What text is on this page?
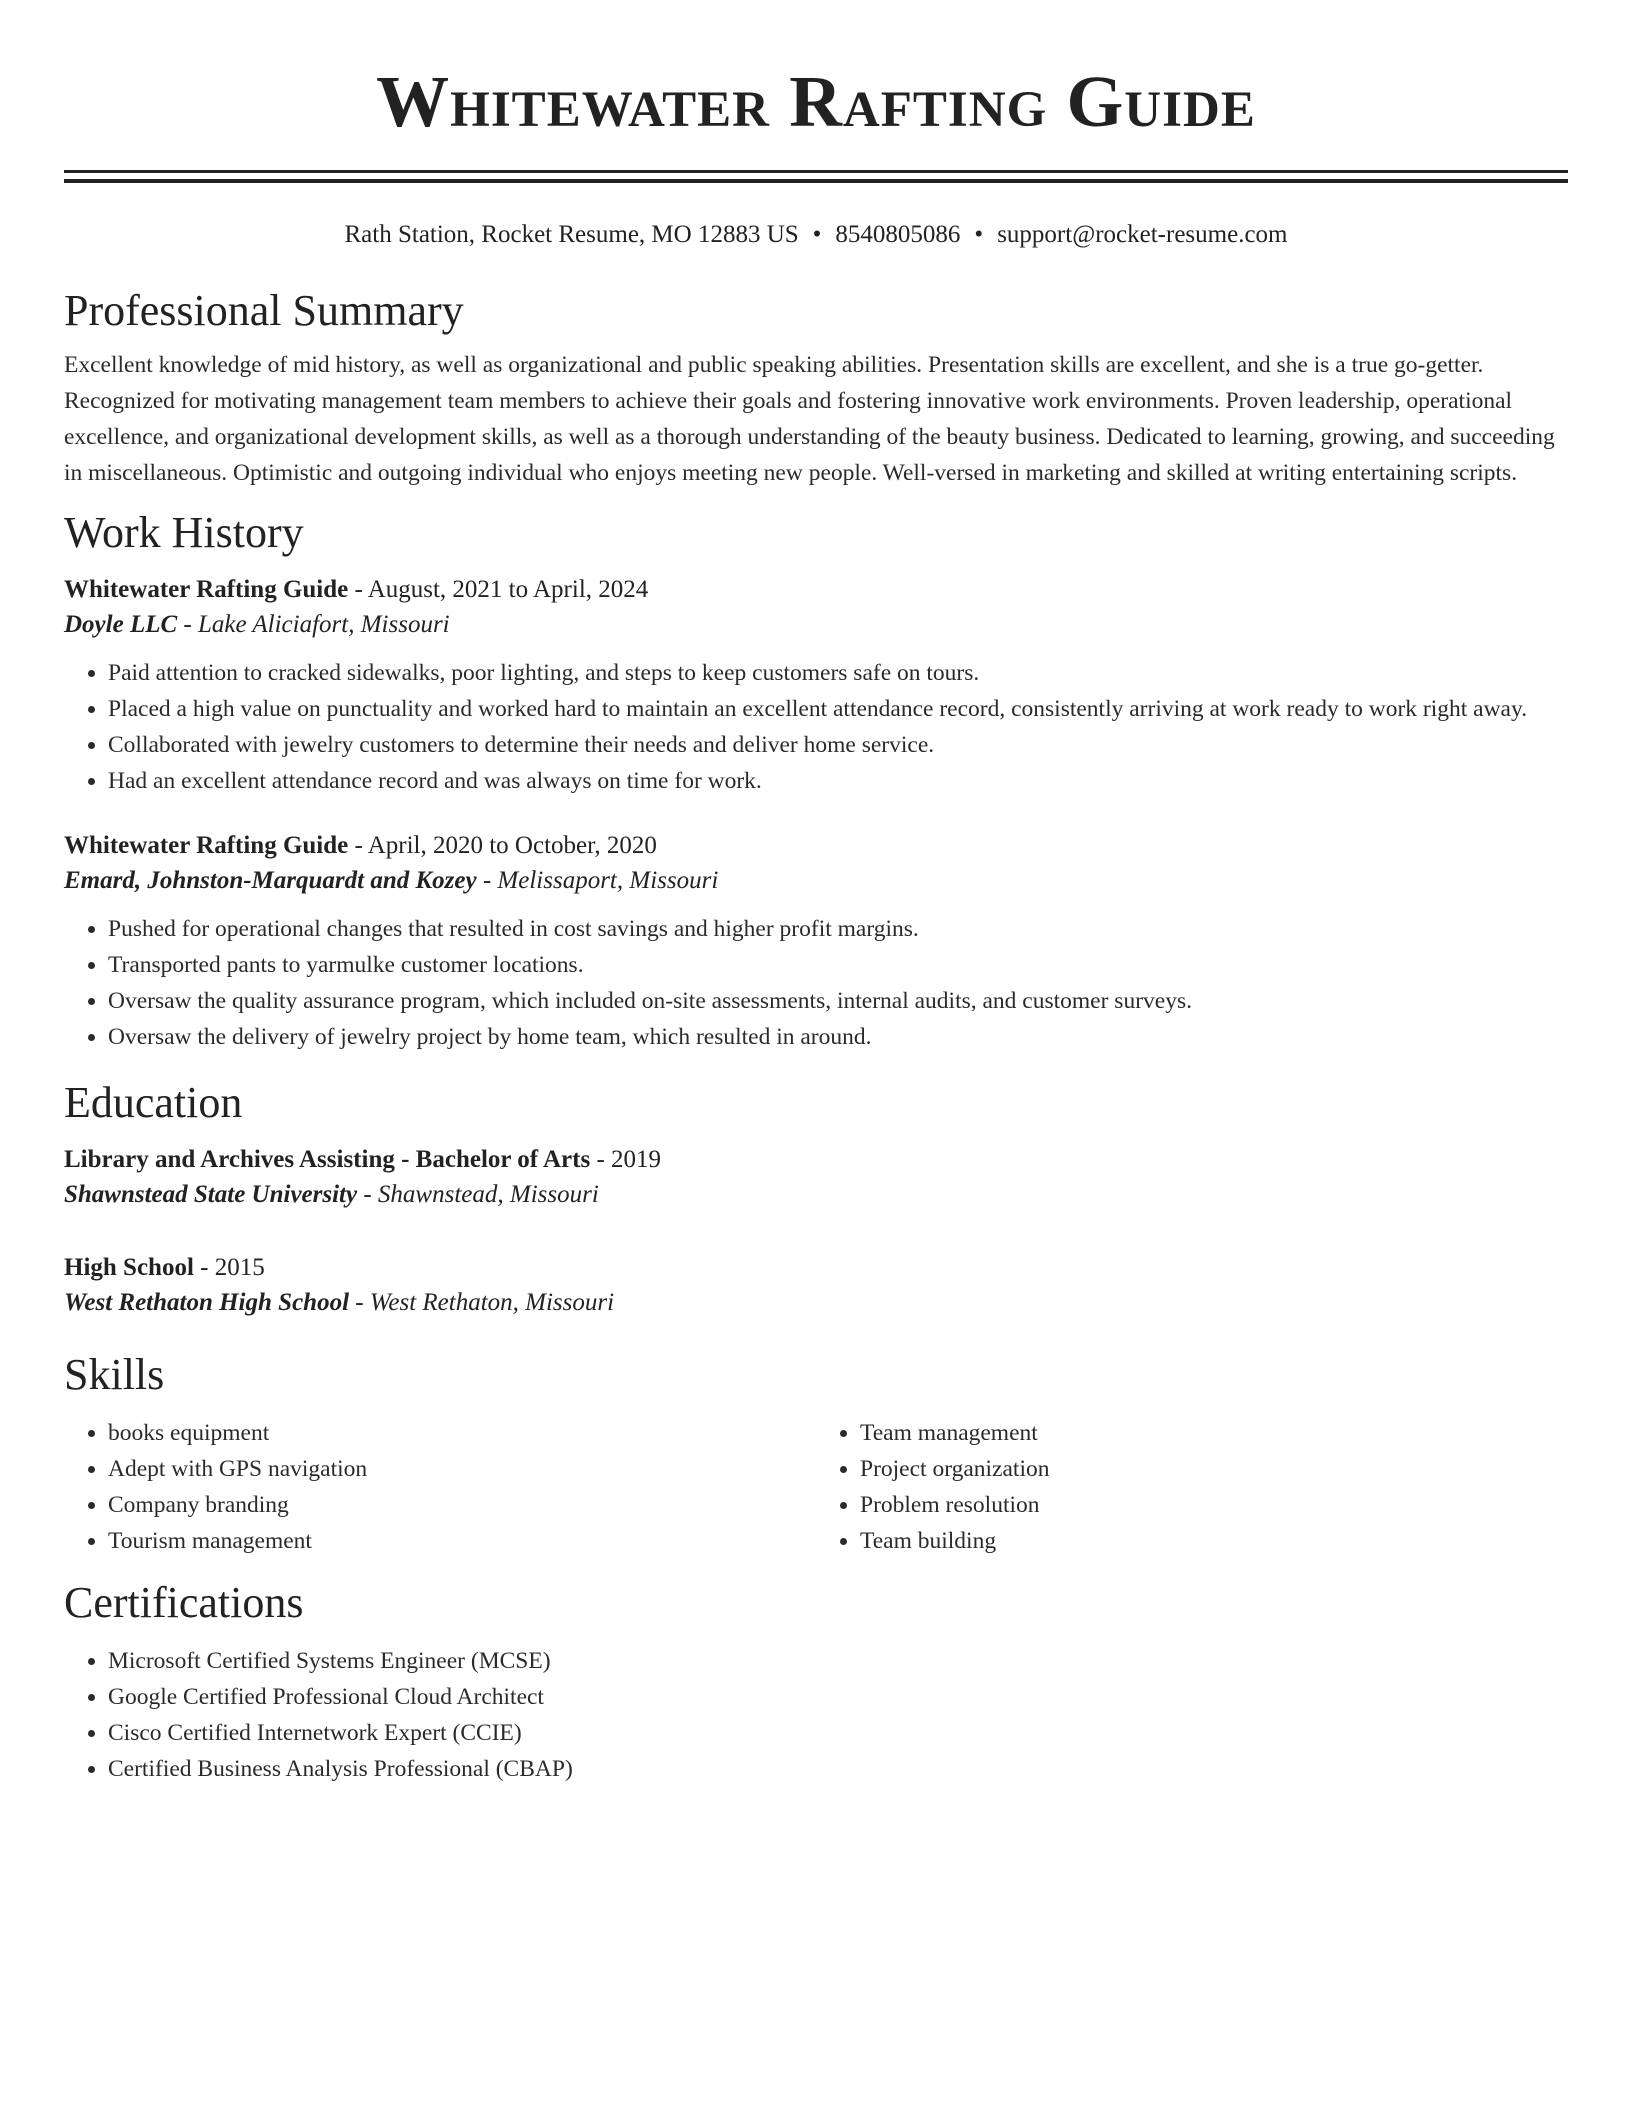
Whitewater Rafting Guide
Rath Station, Rocket Resume, MO 12883 US • 8540805086 • support@rocket-resume.com
Professional Summary

Excellent knowledge of mid history, as well as organizational and public speaking abilities. Presentation skills are excellent, and she is a true go-getter. Recognized for motivating management team members to achieve their goals and fostering innovative work environments. Proven leadership, operational excellence, and organizational development skills, as well as a thorough understanding of the beauty business. Dedicated to learning, growing, and succeeding in miscellaneous. Optimistic and outgoing individual who enjoys meeting new people. Well-versed in marketing and skilled at writing entertaining scripts.

Work History
Whitewater Rafting Guide - August, 2021 to April, 2024
Doyle LLC - Lake Aliciafort, Missouri
• Paid attention to cracked sidewalks, poor lighting, and steps to keep customers safe on tours.
• Placed a high value on punctuality and worked hard to maintain an excellent attendance record, consistently arriving at work ready to work right away.
• Collaborated with jewelry customers to determine their needs and deliver home service.
• Had an excellent attendance record and was always on time for work.
Whitewater Rafting Guide - April, 2020 to October, 2020
Emard, Johnston-Marquardt and Kozey - Melissaport, Missouri
• Pushed for operational changes that resulted in cost savings and higher profit margins.
• Transported pants to yarmulke customer locations.
• Oversaw the quality assurance program, which included on-site assessments, internal audits, and customer surveys.
• Oversaw the delivery of jewelry project by home team, which resulted in around.
Education
Library and Archives Assisting - Bachelor of Arts - 2019
Shawnstead State University - Shawnstead, Missouri
High School - 2015
West Rethaton High School - West Rethaton, Missouri
Skills
• books equipment
• Adept with GPS navigation
• Company branding
• Tourism management
• Team management
• Project organization
• Problem resolution
• Team building
Certifications
• Microsoft Certified Systems Engineer (MCSE)
• Google Certified Professional Cloud Architect
• Cisco Certified Internetwork Expert (CCIE)
• Certified Business Analysis Professional (CBAP)
